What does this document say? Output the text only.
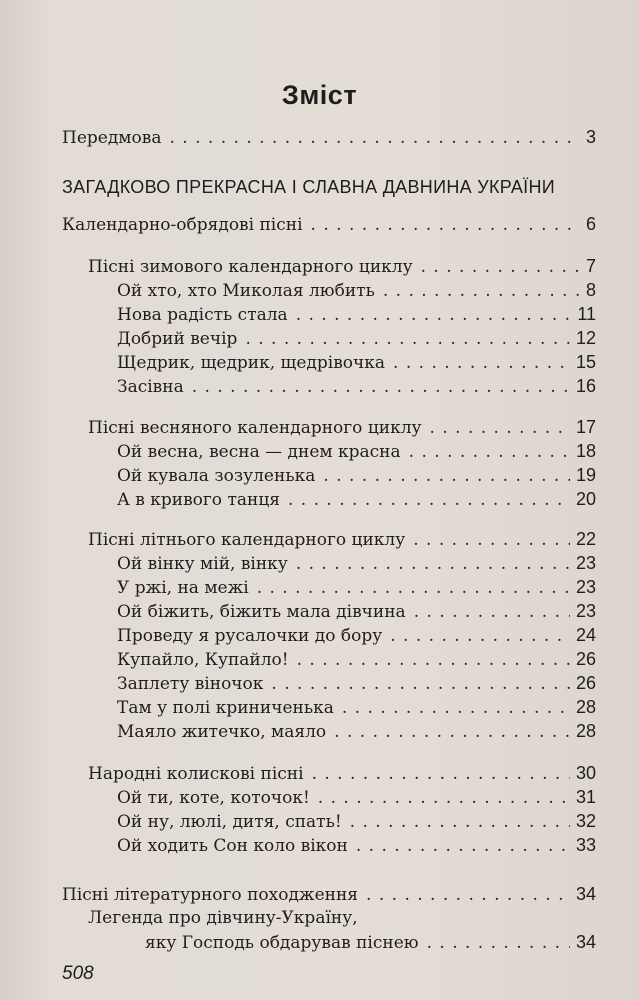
Зміст
Передмова . . .	3
ЗАГАДКОВО ПРЕКРАСНА І СЛАВНА ДАВНИНА УКРАЇНИ
Календарно-обрядові пісні . . .	6
Пісні зимового календарного циклу . . .	7
Ой хто, хто Миколая любить . . .	8
Нова радість стала . . .	11
Добрий вечір . . .	12
Щедрик, щедрик, щедрівочка . . .	15
Засівна . . .	16
Пісні весняного календарного циклу . . .	17
Ой весна, весна — днем красна . . .	18
Ой кувала зозуленька . . .	19
А в кривого танця . . .	20
Пісні літнього календарного циклу . . .	22
Ой вінку мій, вінку . . .	23
У ржі, на межі . . .	23
Ой біжить, біжить мала дівчина . . .	23
Проведу я русалочки до бору . . .	24
Купайло, Купайло! . . .	26
Заплету віночок . . .	26
Там у полі криниченька . . .	28
Маяло житечко, маяло . . .	28
Народні колискові пісні . . .	30
Ой ти, коте, коточок! . . .	31
Ой ну, люлі, дитя, спать! . . .	32
Ой ходить Сон коло вікон . . .	33
Пісні літературного походження . . .	34
Легенда про дівчину-Україну,
яку Господь обдарував піснею . . .	34
508
